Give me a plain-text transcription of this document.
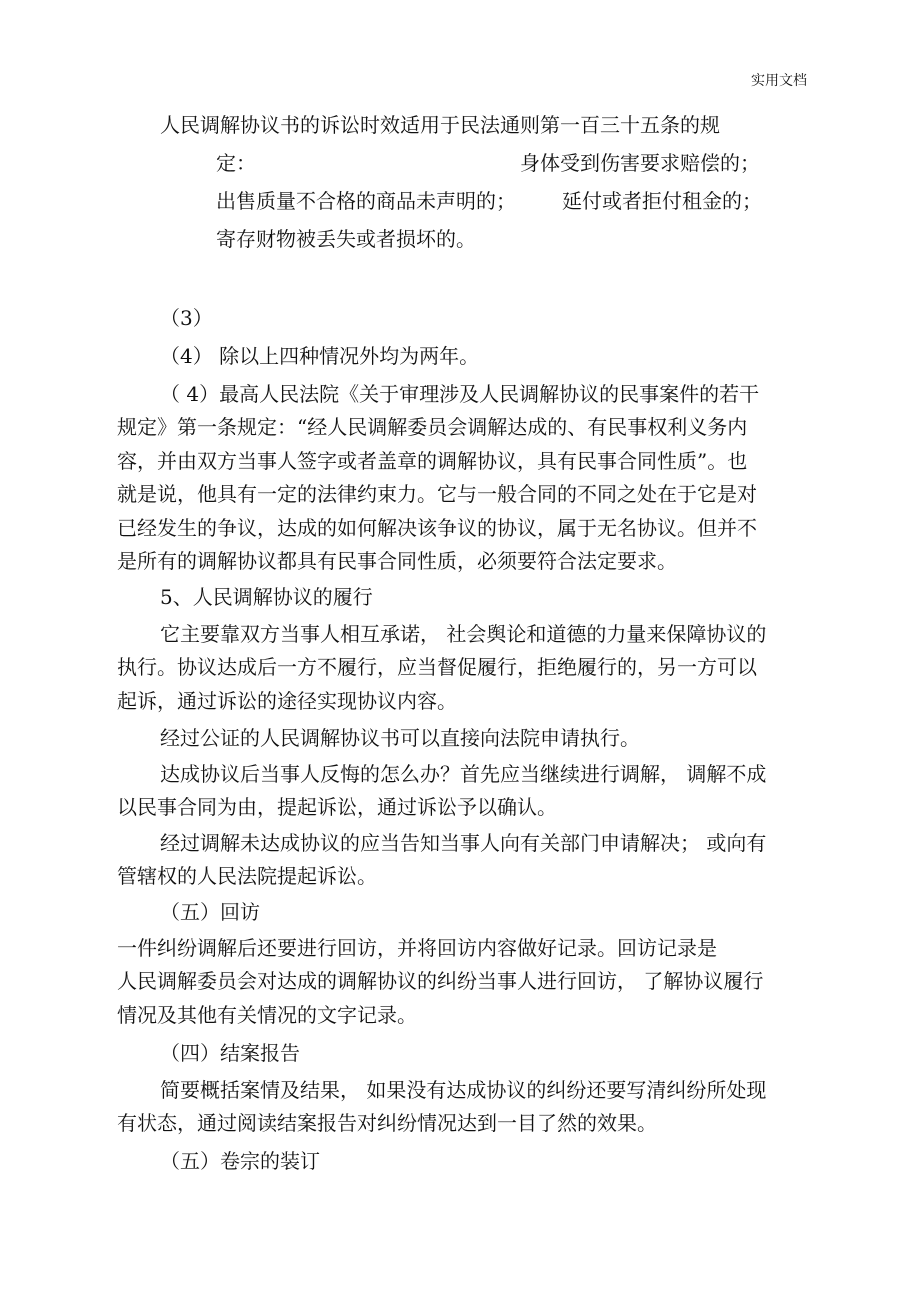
实用文档
人民调解协议书的诉讼时效适用于民法通则第一百三十五条的规
定：	身体受到伤害要求赔偿的；
出售质量不合格的商品未声明的； 延付或者拒付租金的；
寄存财物被丢失或者损坏的。
（3）
（4） 除以上四种情况外均为两年。
（ 4）最高人民法院《关于审理涉及人民调解协议的民事案件的若干
规定》第一条规定：“经人民调解委员会调解达成的、有民事权利义务内
容，并由双方当事人签字或者盖章的调解协议，具有民事合同性质”。也
就是说，他具有一定的法律约束力。它与一般合同的不同之处在于它是对
已经发生的争议，达成的如何解决该争议的协议，属于无名协议。但并不
是所有的调解协议都具有民事合同性质，必须要符合法定要求。
5、人民调解协议的履行
它主要靠双方当事人相互承诺， 社会舆论和道德的力量来保障协议的
执行。协议达成后一方不履行，应当督促履行，拒绝履行的，另一方可以
起诉，通过诉讼的途径实现协议内容。
经过公证的人民调解协议书可以直接向法院申请执行。
达成协议后当事人反悔的怎么办？首先应当继续进行调解， 调解不成
以民事合同为由，提起诉讼，通过诉讼予以确认。
经过调解未达成协议的应当告知当事人向有关部门申请解决； 或向有
管辖权的人民法院提起诉讼。
（五）回访
一件纠纷调解后还要进行回访，并将回访内容做好记录。回访记录是
人民调解委员会对达成的调解协议的纠纷当事人进行回访， 了解协议履行
情况及其他有关情况的文字记录。
（四）结案报告
简要概括案情及结果， 如果没有达成协议的纠纷还要写清纠纷所处现
有状态，通过阅读结案报告对纠纷情况达到一目了然的效果。
（五）卷宗的装订
